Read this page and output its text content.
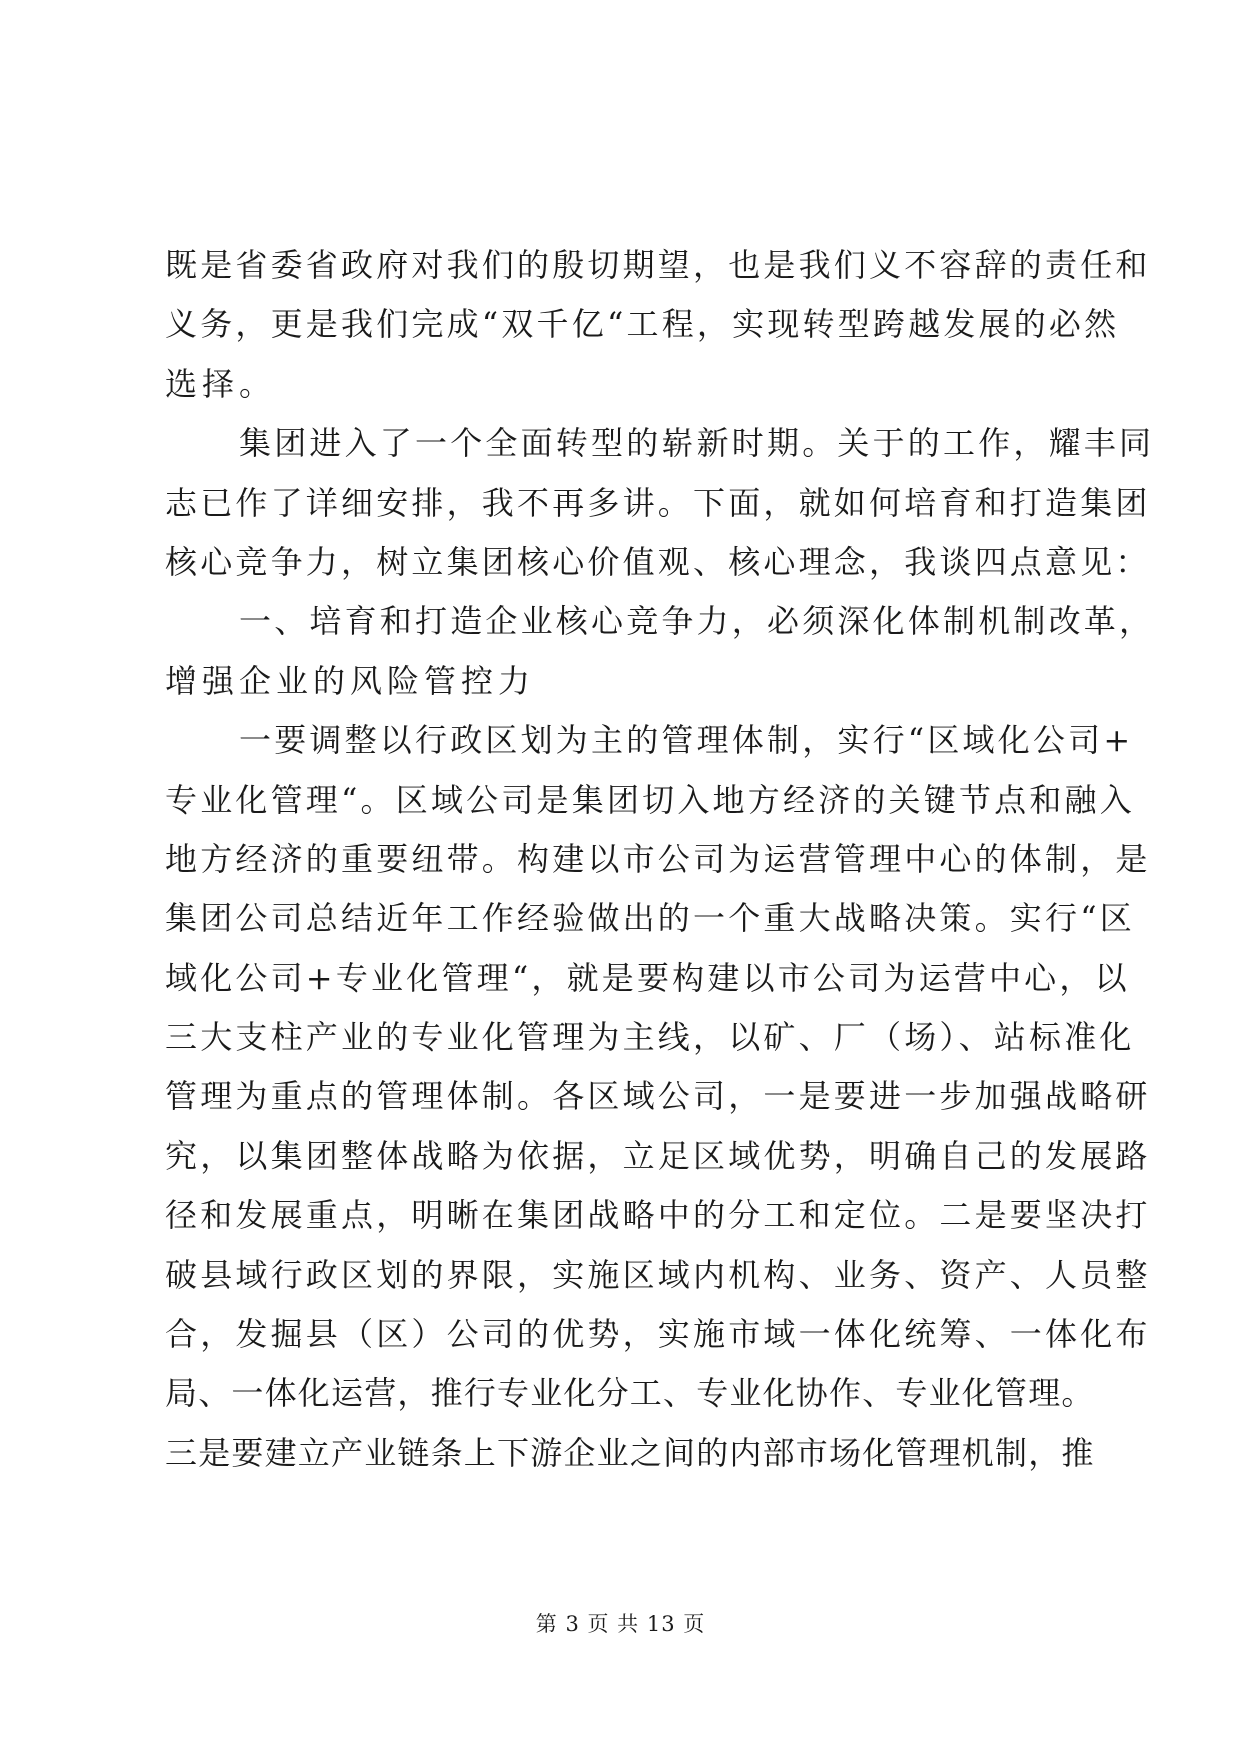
既是省委省政府对我们的殷切期望，也是我们义不容辞的责任和
义务，更是我们完成“双千亿“工程，实现转型跨越发展的必然
选择。
集团进入了一个全面转型的崭新时期。关于的工作，耀丰同
志已作了详细安排，我不再多讲。下面，就如何培育和打造集团
核心竞争力，树立集团核心价值观、核心理念，我谈四点意见：
一、培育和打造企业核心竞争力，必须深化体制机制改革，
增强企业的风险管控力
一要调整以行政区划为主的管理体制，实行“区域化公司+
专业化管理“。区域公司是集团切入地方经济的关键节点和融入
地方经济的重要纽带。构建以市公司为运营管理中心的体制，是
集团公司总结近年工作经验做出的一个重大战略决策。实行“区
域化公司+专业化管理“，就是要构建以市公司为运营中心，以
三大支柱产业的专业化管理为主线，以矿、厂（场）、站标准化
管理为重点的管理体制。各区域公司，一是要进一步加强战略研
究，以集团整体战略为依据，立足区域优势，明确自己的发展路
径和发展重点，明晰在集团战略中的分工和定位。二是要坚决打
破县域行政区划的界限，实施区域内机构、业务、资产、人员整
合，发掘县（区）公司的优势，实施市域一体化统筹、一体化布
局、一体化运营，推行专业化分工、专业化协作、专业化管理。
三是要建立产业链条上下游企业之间的内部市场化管理机制，推
第 3 页 共 13 页
